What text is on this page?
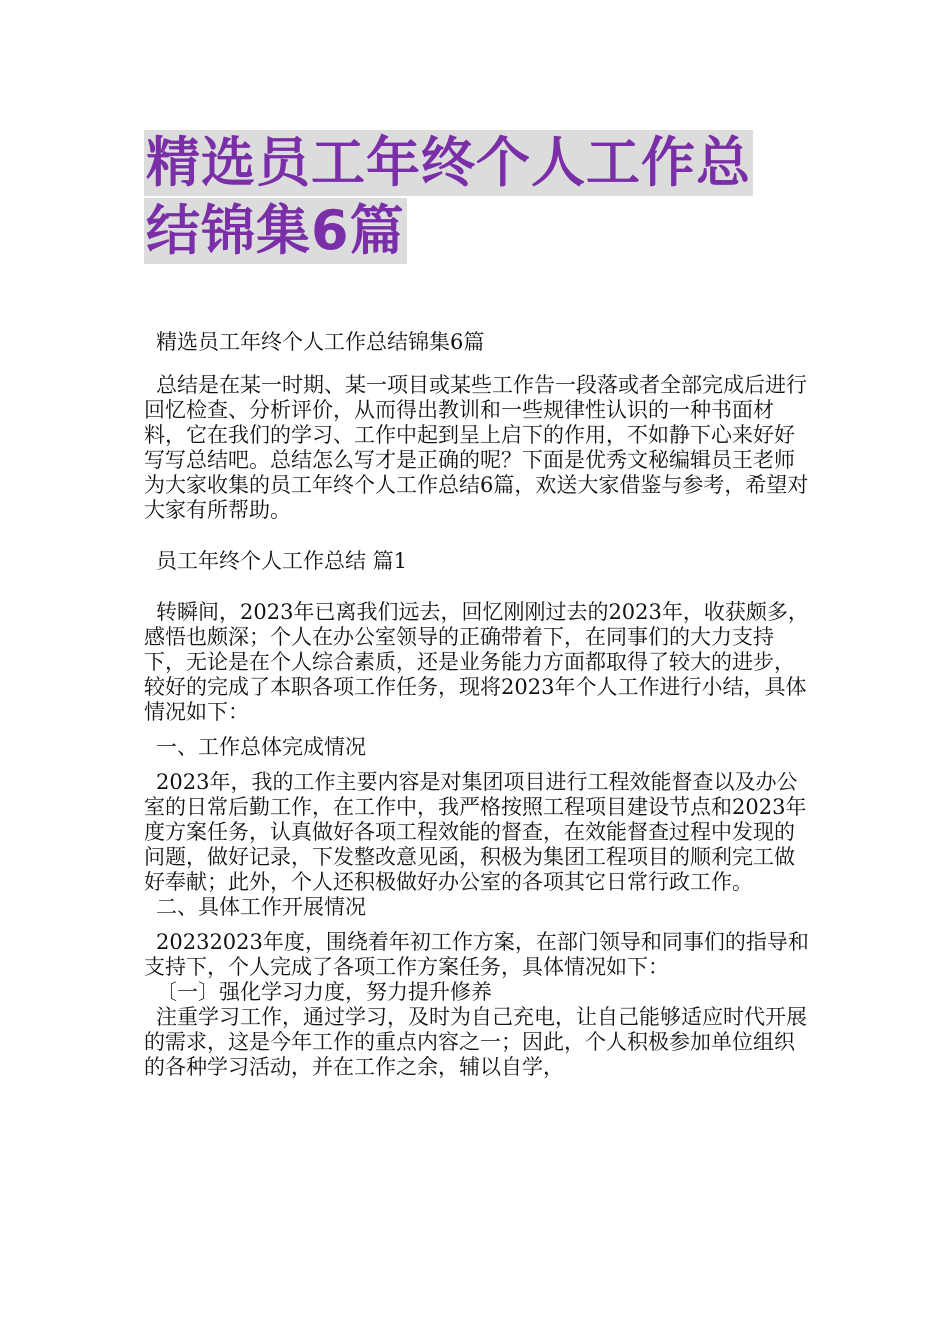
精选员工年终个人工作总
结锦集6篇

精选员工年终个人工作总结锦集6篇

总结是在某一时期、某一项目或某些工作告一段落或者全部完成后进行回忆检查、分析评价，从而得出教训和一些规律性认识的一种书面材料，它在我们的学习、工作中起到呈上启下的作用，不如静下心来好好写写总结吧。总结怎么写才是正确的呢？下面是优秀文秘编辑员王老师为大家收集的员工年终个人工作总结6篇，欢送大家借鉴与参考，希望对大家有所帮助。

员工年终个人工作总结 篇1

转瞬间，2023年已离我们远去，回忆刚刚过去的2023年，收获颇多，感悟也颇深；个人在办公室领导的正确带着下，在同事们的大力支持下，无论是在个人综合素质，还是业务能力方面都取得了较大的进步，较好的完成了本职各项工作任务，现将2023年个人工作进行小结，具体情况如下：

一、工作总体完成情况

2023年，我的工作主要内容是对集团项目进行工程效能督查以及办公室的日常后勤工作，在工作中，我严格按照工程项目建设节点和2023年度方案任务，认真做好各项工程效能的督查，在效能督查过程中发现的问题，做好记录，下发整改意见函，积极为集团工程项目的顺利完工做好奉献；此外，个人还积极做好办公室的各项其它日常行政工作。

二、具体工作开展情况

20232023年度，围绕着年初工作方案，在部门领导和同事们的指导和支持下，个人完成了各项工作方案任务，具体情况如下：

〔一〕强化学习力度，努力提升修养

注重学习工作，通过学习，及时为自己充电，让自己能够适应时代开展的需求，这是今年工作的重点内容之一；因此，个人积极参加单位组织的各种学习活动，并在工作之余，辅以自学，
